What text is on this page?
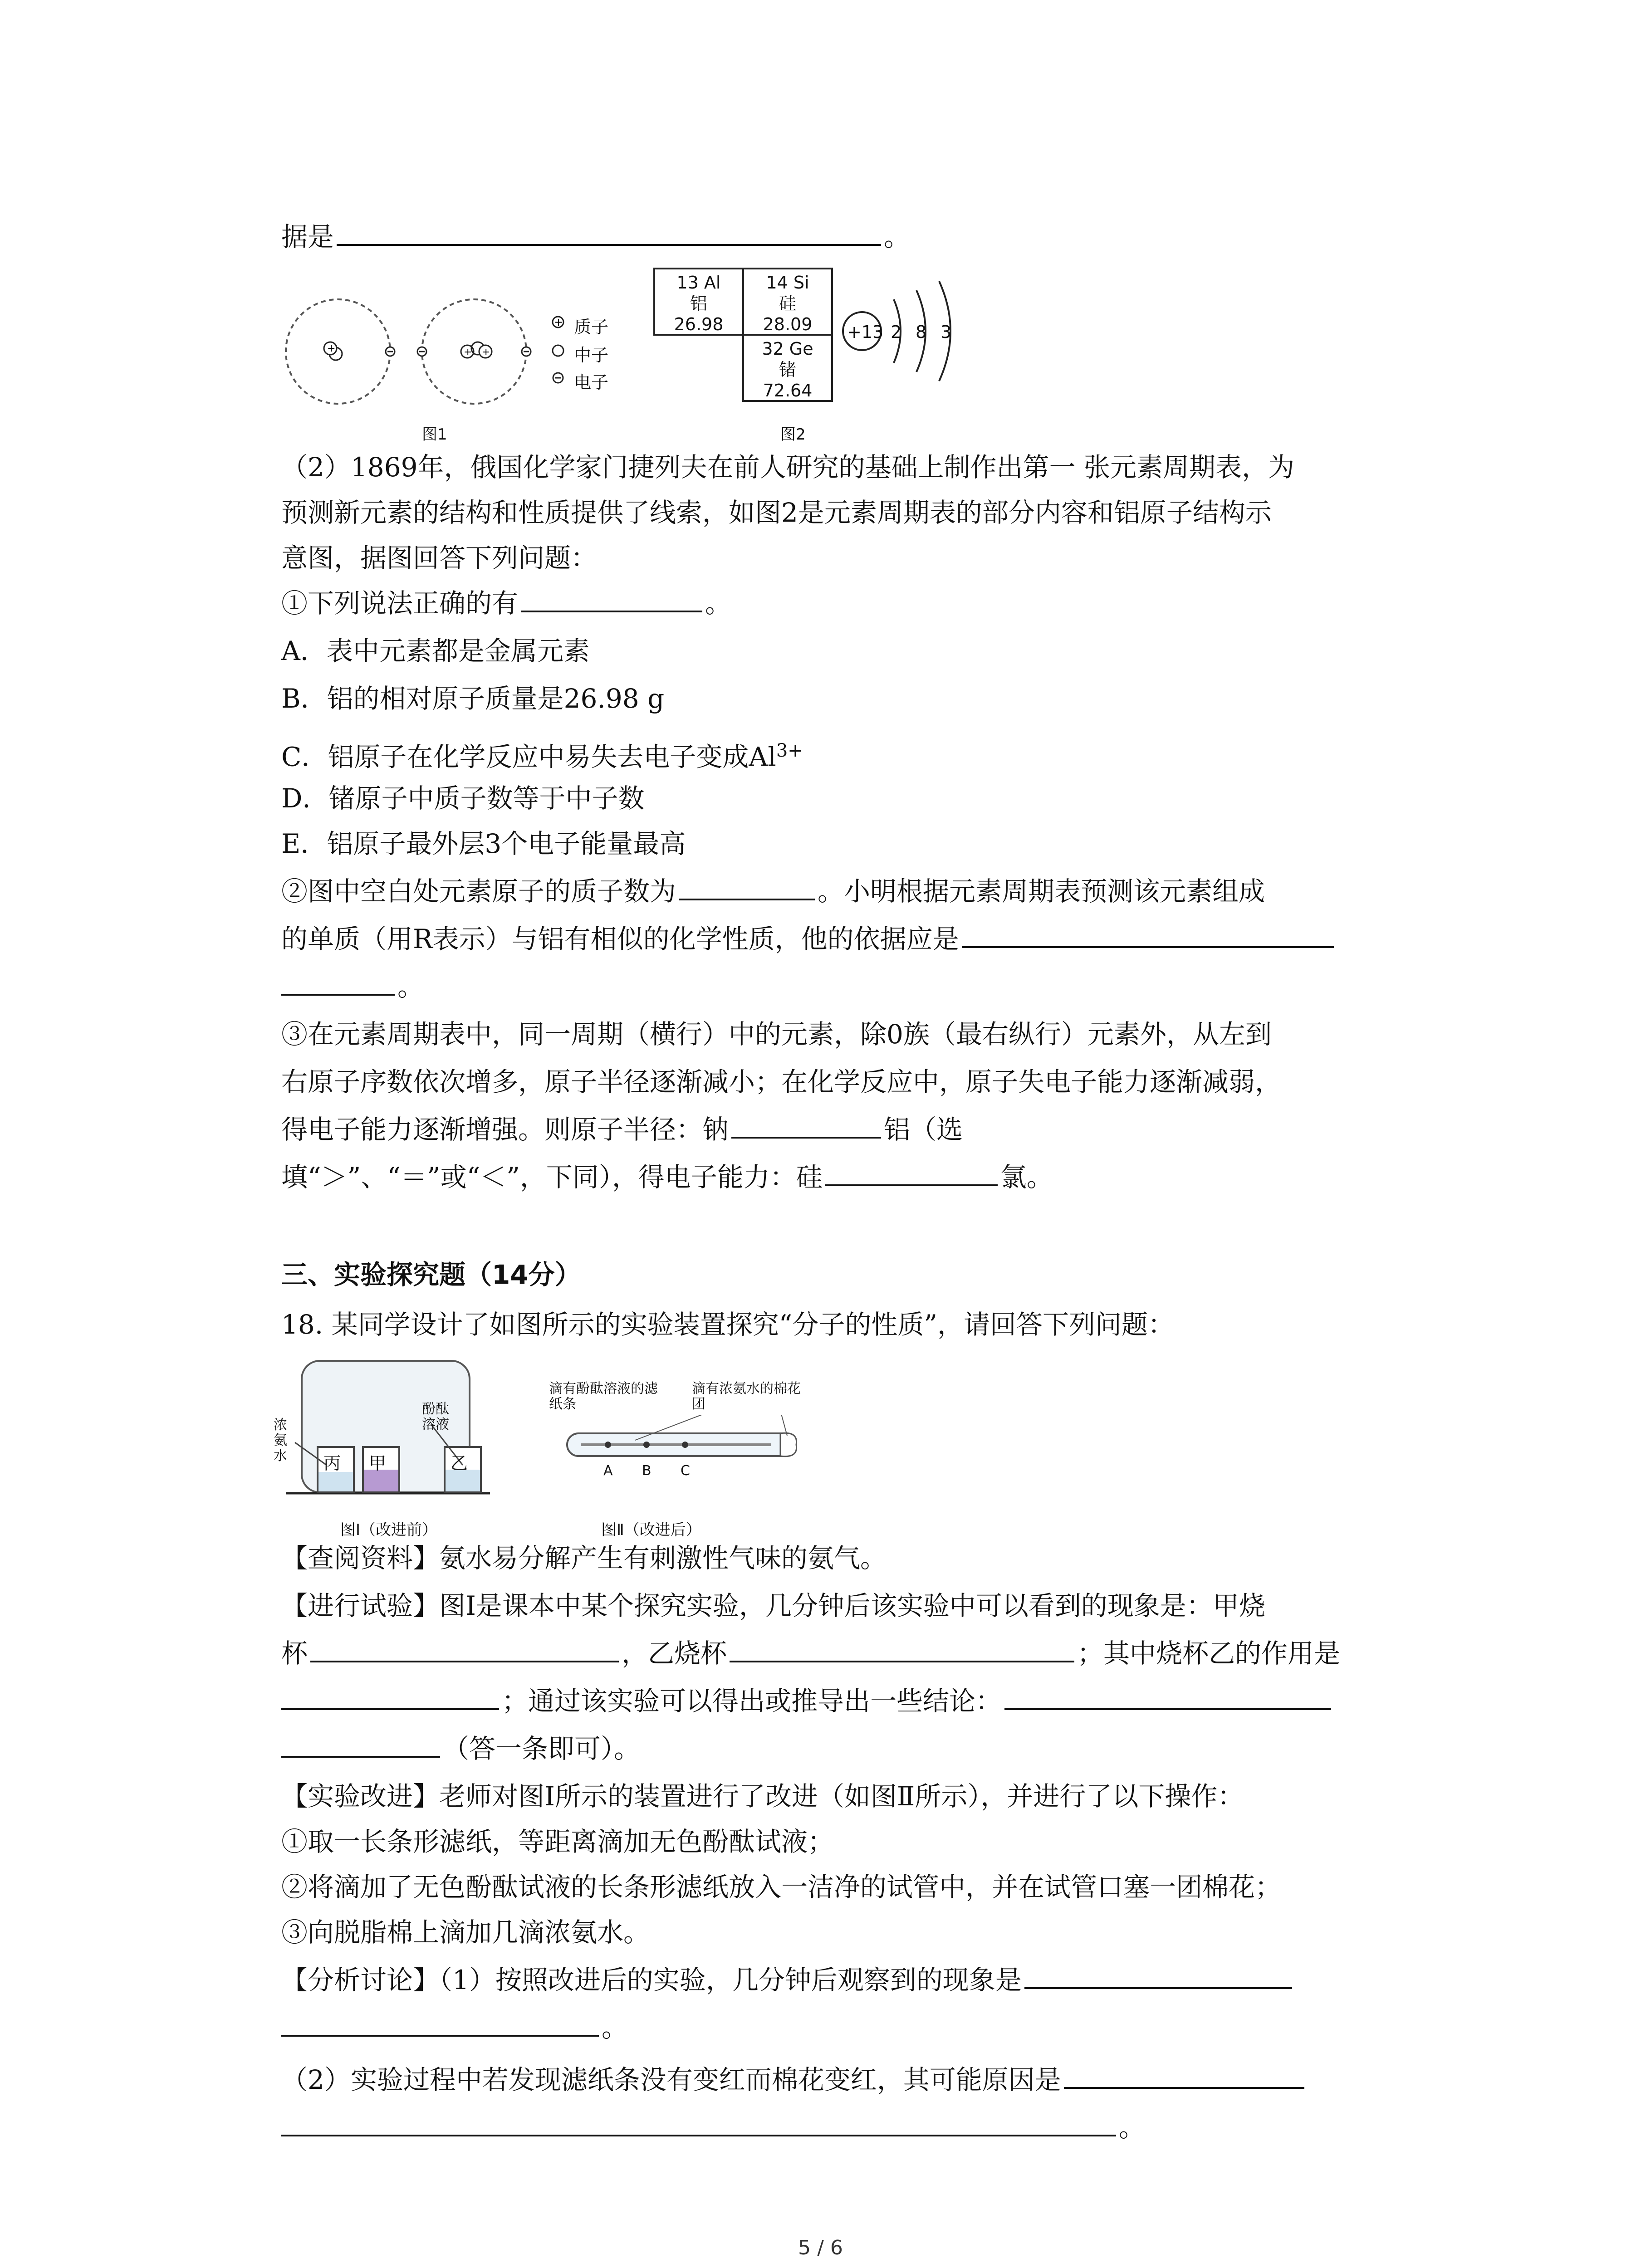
据是	。
+	+ +
+ 质子
中子
电子
图1
13 Al
铝
26.98
14 Si
硅
28.09
32 Ge
锗
72.64
+13 2 8 3
图2
（2）1869年，俄国化学家门捷列夫在前人研究的基础上制作出第一 张元素周期表，为
预测新元素的结构和性质提供了线索，如图2是元素周期表的部分内容和铝原子结构示
意图，据图回答下列问题：
①下列说法正确的有	。
A．表中元素都是金属元素
B．铝的相对原子质量是26.98 g
C．铝原子在化学反应中易失去电子变成$Al^{3+}$
D．锗原子中质子数等于中子数
E．铝原子最外层3个电子能量最高
②图中空白处元素原子的质子数为	。小明根据元素周期表预测该元素组成
的单质（用R表示）与铝有相似的化学性质，他的依据应是
。
③在元素周期表中，同一周期（横行）中的元素，除0族（最右纵行）元素外，从左到
右原子序数依次增多，原子半径逐渐减小；在化学反应中，原子失电子能力逐渐减弱，
得电子能力逐渐增强。则原子半径：钠	铝（选
填“＞”、“＝”或“＜”，下同），得电子能力：硅	氯。
三、实验探究题（14分）
18. 某同学设计了如图所示的实验装置探究“分子的性质”，请回答下列问题：
浓氨水
酚酞溶液
丙 甲	乙
图Ⅰ（改进前）
滴有酚酞溶液的滤纸条
滴有浓氨水的棉花团
A B C
图Ⅱ（改进后）
【查阅资料】氨水易分解产生有刺激性气味的氨气。
【进行试验】图Ⅰ是课本中某个探究实验，几分钟后该实验中可以看到的现象是：甲烧
杯	，乙烧杯	；其中烧杯乙的作用是
；通过该实验可以得出或推导出一些结论：
（答一条即可）。
【实验改进】老师对图Ⅰ所示的装置进行了改进（如图Ⅱ所示），并进行了以下操作：
①取一长条形滤纸，等距离滴加无色酚酞试液；
②将滴加了无色酚酞试液的长条形滤纸放入一洁净的试管中，并在试管口塞一团棉花；
③向脱脂棉上滴加几滴浓氨水。
【分析讨论】（1）按照改进后的实验，几分钟后观察到的现象是
。
（2）实验过程中若发现滤纸条没有变红而棉花变红，其可能原因是
。
5 / 6
